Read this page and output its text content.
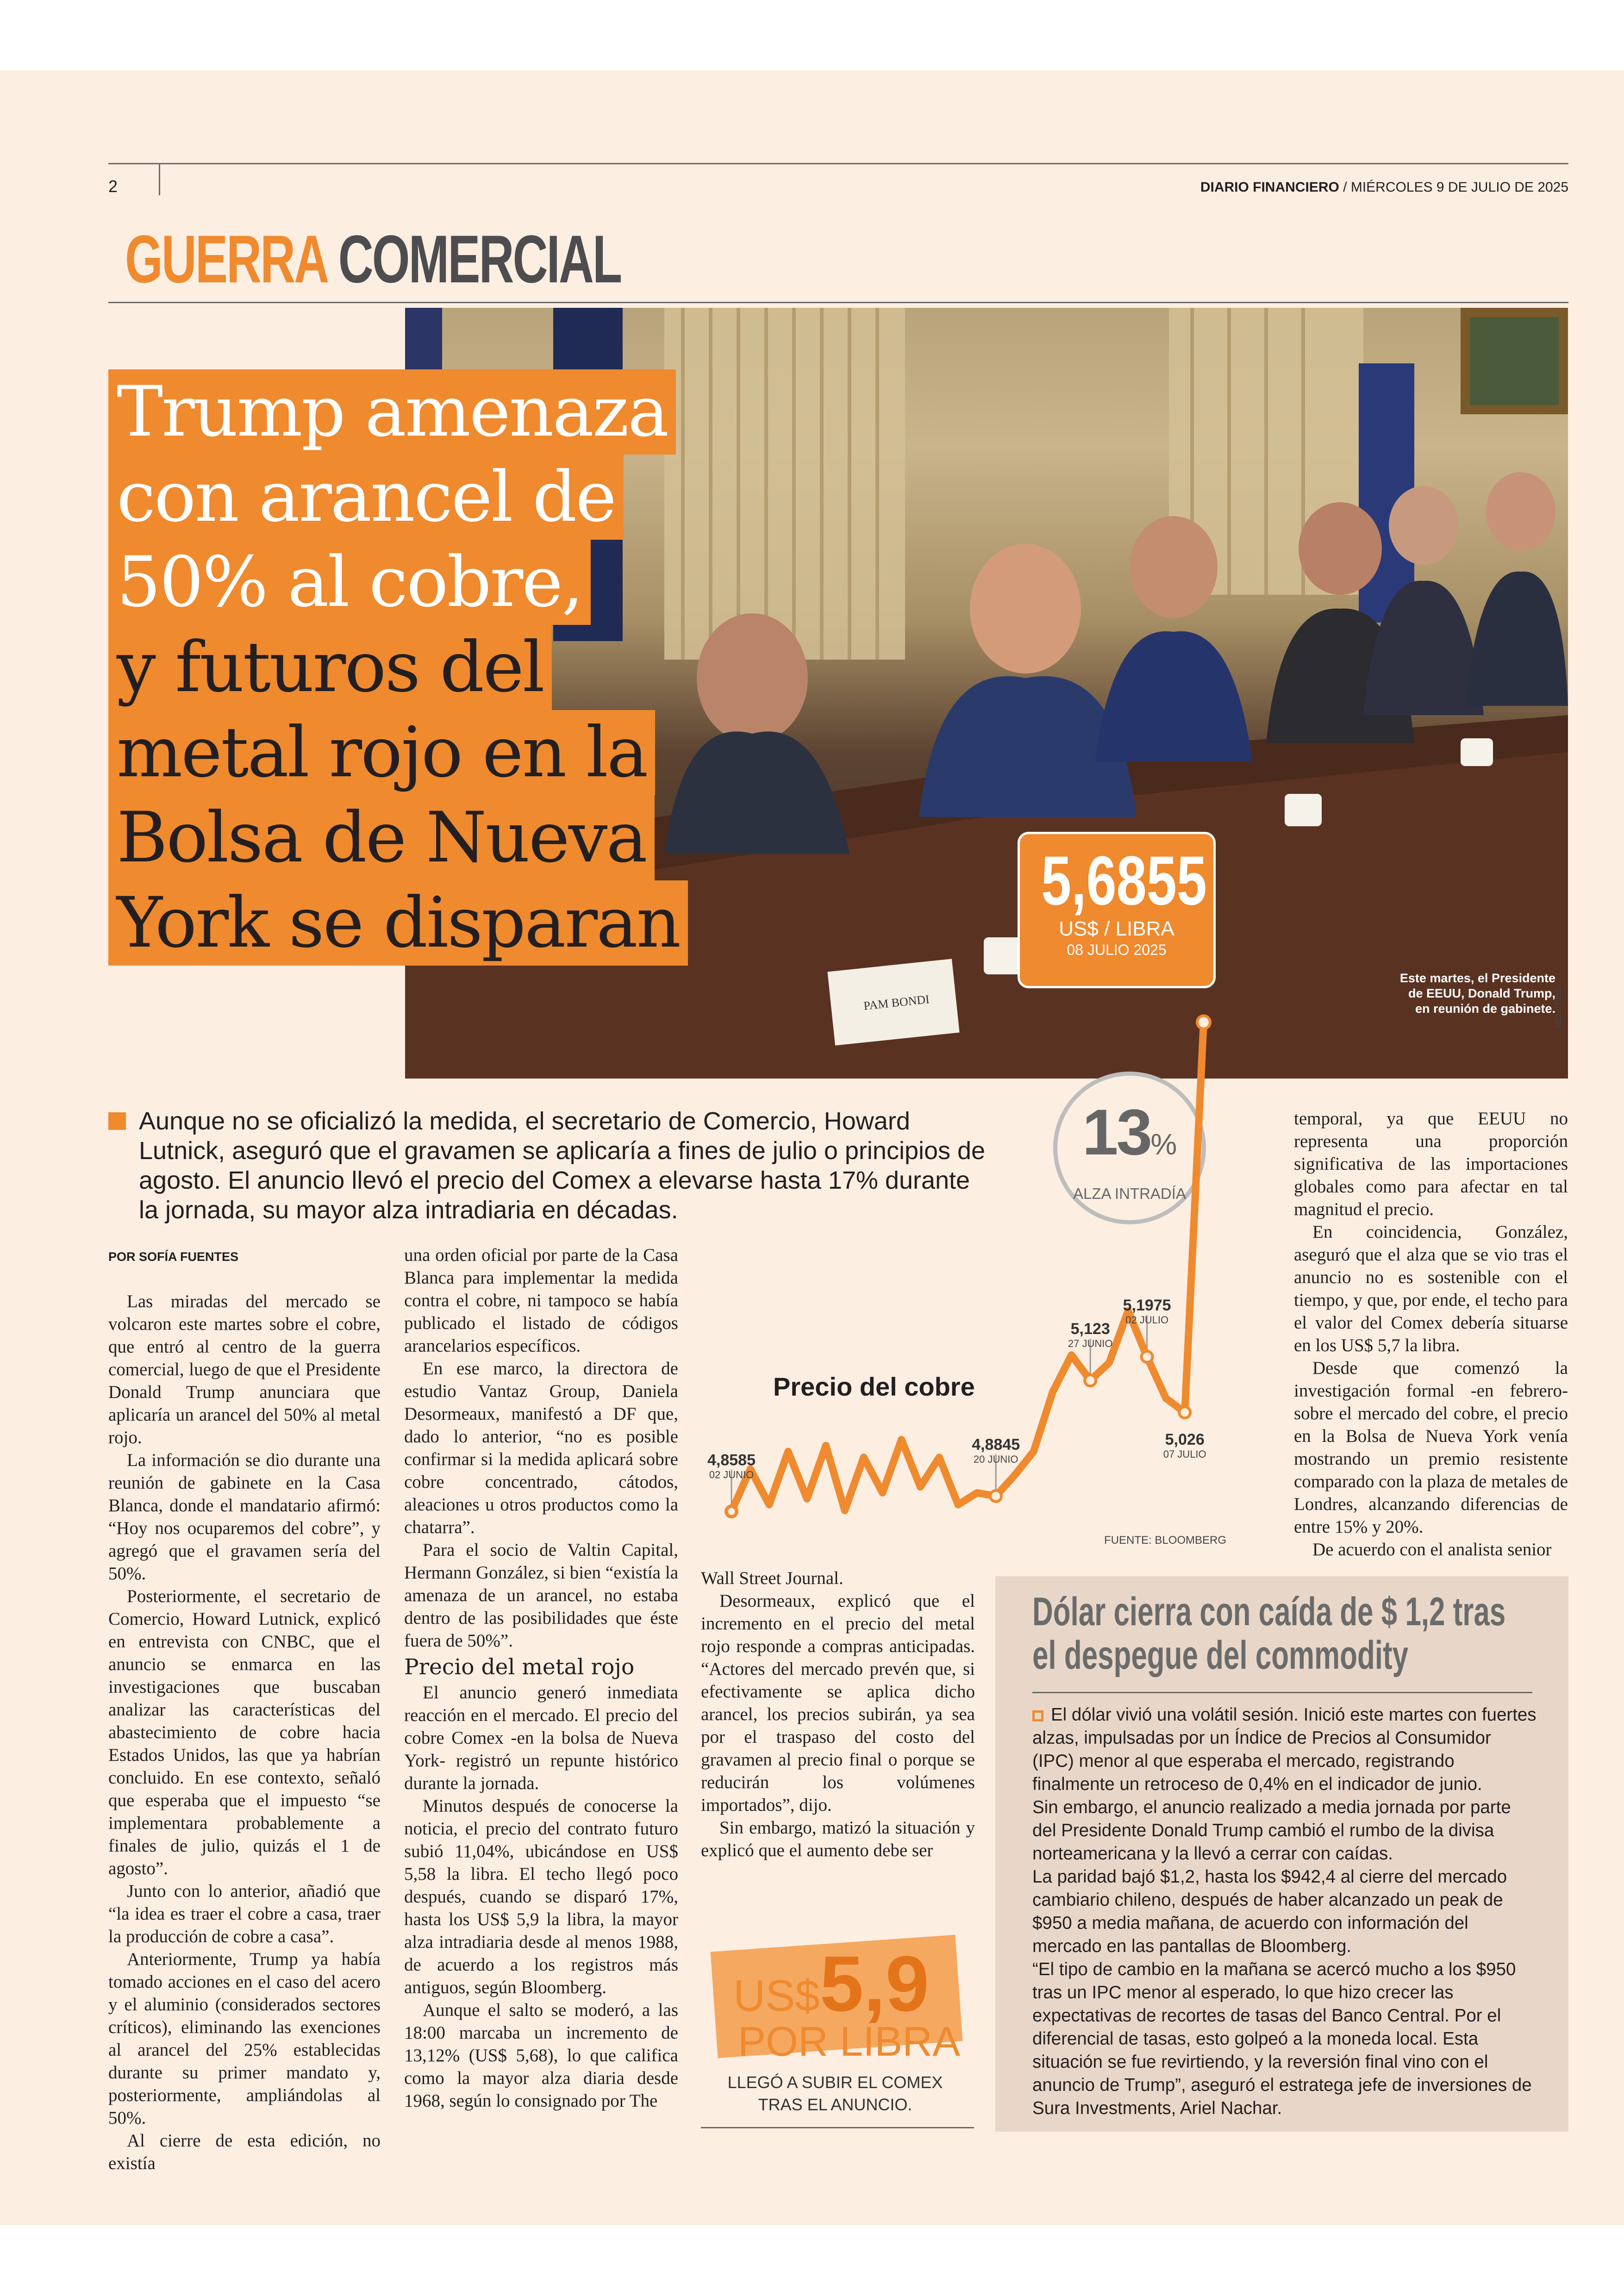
2	DIARIO FINANCIERO / MIÉRCOLES 9 DE JULIO DE 2025
GUERRA COMERCIAL
PAM BONDI
Este martes, el Presidente de EEUU, Donald Trump, en reunión de gabinete.
REUTERS
Trump amenaza
con arancel de
50% al cobre,
y futuros del
metal rojo en la
Bolsa de Nueva
York se disparan
5,6855
US$ / LIBRA
08 JULIO 2025
Aunque no se oficializó la medida, el secretario de Comercio, Howard Lutnick, aseguró que el gravamen se aplicaría a fines de julio o principios de agosto. El anuncio llevó el precio del Comex a elevarse hasta 17% durante la jornada, su mayor alza intradiaria en décadas.
13%
ALZA INTRADÍA
Precio del cobre
4,8585
02 JUNIO
4,8845
20 JUNIO
5,123
27 JUNIO
5,1975
02 JULIO
5,026
07 JULIO
FUENTE: BLOOMBERG
POR SOFÍA FUENTES

Las miradas del mercado se volcaron este martes sobre el cobre, que entró al centro de la guerra comercial, luego de que el Presidente Donald Trump anunciara que aplicaría un arancel del 50% al metal rojo.

La información se dio durante una reunión de gabinete en la Casa Blanca, donde el mandatario afirmó: “Hoy nos ocuparemos del cobre”, y agregó que el gravamen sería del 50%.

Posteriormente, el secretario de Comercio, Howard Lutnick, explicó en entrevista con CNBC, que el anuncio se enmarca en las investigaciones que buscaban analizar las características del abastecimiento de cobre hacia Estados Unidos, las que ya habrían concluido. En ese contexto, señaló que esperaba que el impuesto “se implementara probablemente a finales de julio, quizás el 1 de agosto”.

Junto con lo anterior, añadió que “la idea es traer el cobre a casa, traer la producción de cobre a casa”.

Anteriormente, Trump ya había tomado acciones en el caso del acero y el aluminio (considerados sectores críticos), eliminando las exenciones al arancel del 25% establecidas durante su primer mandato y, posteriormente, ampliándolas al 50%.

Al cierre de esta edición, no existía

una orden oficial por parte de la Casa Blanca para implementar la medida contra el cobre, ni tampoco se había publicado el listado de códigos arancelarios específicos.

En ese marco, la directora de estudio Vantaz Group, Daniela Desormeaux, manifestó a DF que, dado lo anterior, “no es posible confirmar si la medida aplicará sobre cobre concentrado, cátodos, aleaciones u otros productos como la chatarra”.

Para el socio de Valtin Capital, Hermann González, si bien “existía la amenaza de un arancel, no estaba dentro de las posibilidades que éste fuera de 50%”.

Precio del metal rojo

El anuncio generó inmediata reacción en el mercado. El precio del cobre Comex -en la bolsa de Nueva York- registró un repunte histórico durante la jornada.

Minutos después de conocerse la noticia, el precio del contrato futuro subió 11,04%, ubicándose en US$ 5,58 la libra. El techo llegó poco después, cuando se disparó 17%, hasta los US$ 5,9 la libra, la mayor alza intradiaria desde al menos 1988, de acuerdo a los registros más antiguos, según Bloomberg.

Aunque el salto se moderó, a las 18:00 marcaba un incremento de 13,12% (US$ 5,68), lo que califica como la mayor alza diaria desde 1968, según lo consignado por The

Wall Street Journal.

Desormeaux, explicó que el incremento en el precio del metal rojo responde a compras anticipadas. “Actores del mercado prevén que, si efectivamente se aplica dicho arancel, los precios subirán, ya sea por el traspaso del costo del gravamen al precio final o porque se reducirán los volúmenes importados”, dijo.

Sin embargo, matizó la situación y explicó que el aumento debe ser

temporal, ya que EEUU no representa una proporción significativa de las importaciones globales como para afectar en tal magnitud el precio.

En coincidencia, González, aseguró que el alza que se vio tras el anuncio no es sostenible con el tiempo, y que, por ende, el techo para el valor del Comex debería situarse en los US$ 5,7 la libra.

Desde que comenzó la investigación formal -en febrero- sobre el mercado del cobre, el precio en la Bolsa de Nueva York venía mostrando un premio resistente comparado con la plaza de metales de Londres, alcanzando diferencias de entre 15% y 20%.

De acuerdo con el analista senior

US$5,9
POR LIBRA
LLEGÓ A SUBIR EL COMEX TRAS EL ANUNCIO.
Dólar cierra con caída de $ 1,2 tras el despegue del commodity
El dólar vivió una volátil sesión. Inició este martes con fuertes alzas, impulsadas por un Índice de Precios al Consumidor (IPC) menor al que esperaba el mercado, registrando finalmente un retroceso de 0,4% en el indicador de junio.
Sin embargo, el anuncio realizado a media jornada por parte del Presidente Donald Trump cambió el rumbo de la divisa norteamericana y la llevó a cerrar con caídas.
La paridad bajó $1,2, hasta los $942,4 al cierre del mercado cambiario chileno, después de haber alcanzado un peak de $950 a media mañana, de acuerdo con información del mercado en las pantallas de Bloomberg.
“El tipo de cambio en la mañana se acercó mucho a los $950 tras un IPC menor al esperado, lo que hizo crecer las expectativas de recortes de tasas del Banco Central. Por el diferencial de tasas, esto golpeó a la moneda local. Esta situación se fue revirtiendo, y la reversión final vino con el anuncio de Trump”, aseguró el estratega jefe de inversiones de Sura Investments, Ariel Nachar.
